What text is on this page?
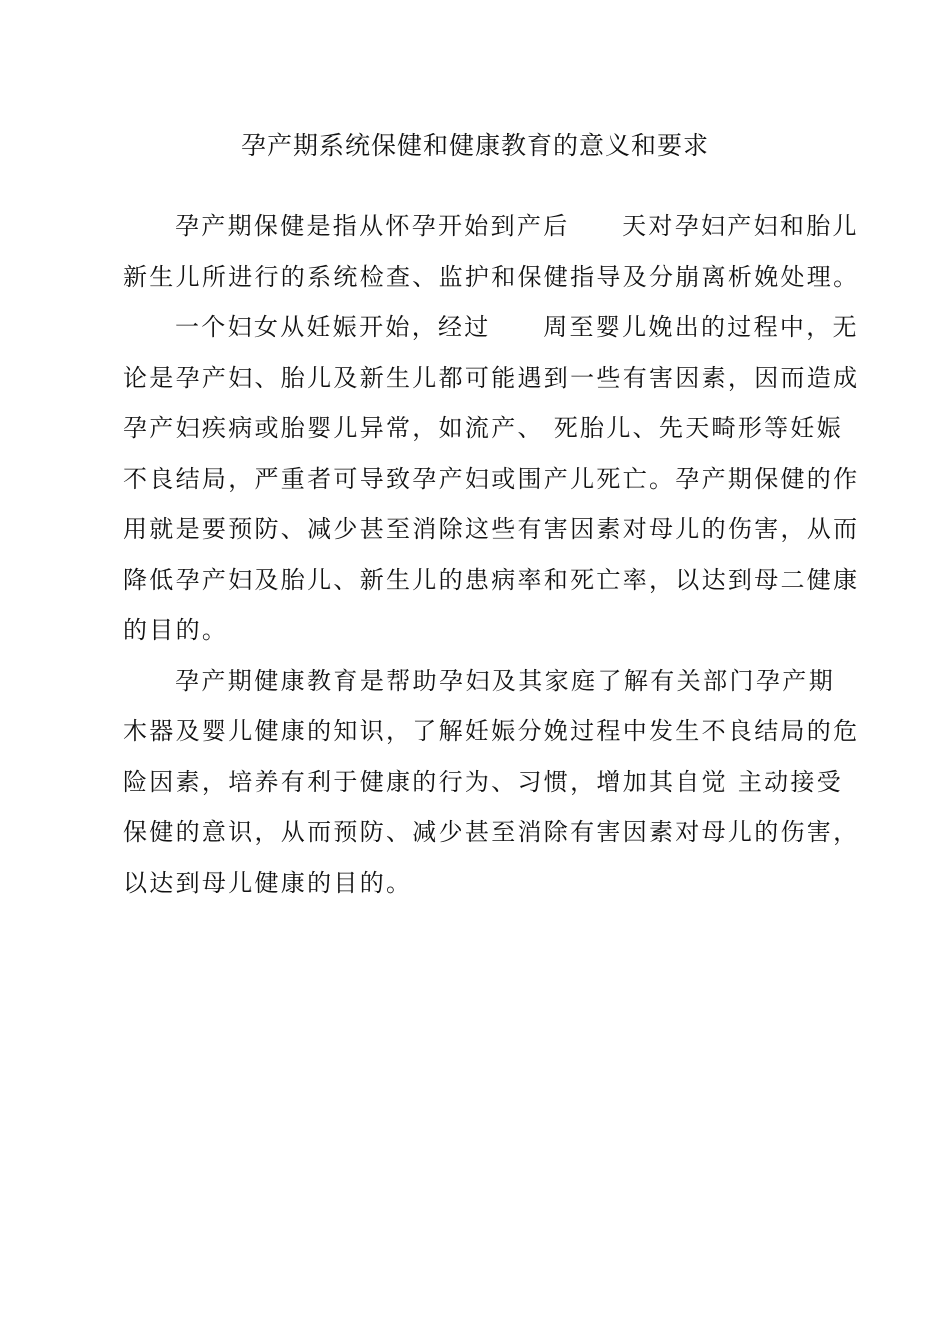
孕产期系统保健和健康教育的意义和要求

孕产期保健是指从怀孕开始到产后　　天对孕妇产妇和胎儿
新生儿所进行的系统检查、监护和保健指导及分崩离析娩处理。

一个妇女从妊娠开始，经过　　周至婴儿娩出的过程中，无
论是孕产妇、胎儿及新生儿都可能遇到一些有害因素，因而造成
孕产妇疾病或胎婴儿异常，如流产、 死胎儿、先天畸形等妊娠
不良结局，严重者可导致孕产妇或围产儿死亡。孕产期保健的作
用就是要预防、减少甚至消除这些有害因素对母儿的伤害，从而
降低孕产妇及胎儿、新生儿的患病率和死亡率，以达到母二健康
的目的。

孕产期健康教育是帮助孕妇及其家庭了解有关部门孕产期
木器及婴儿健康的知识，了解妊娠分娩过程中发生不良结局的危
险因素，培养有利于健康的行为、习惯，增加其自觉 主动接受
保健的意识，从而预防、减少甚至消除有害因素对母儿的伤害，
以达到母儿健康的目的。
